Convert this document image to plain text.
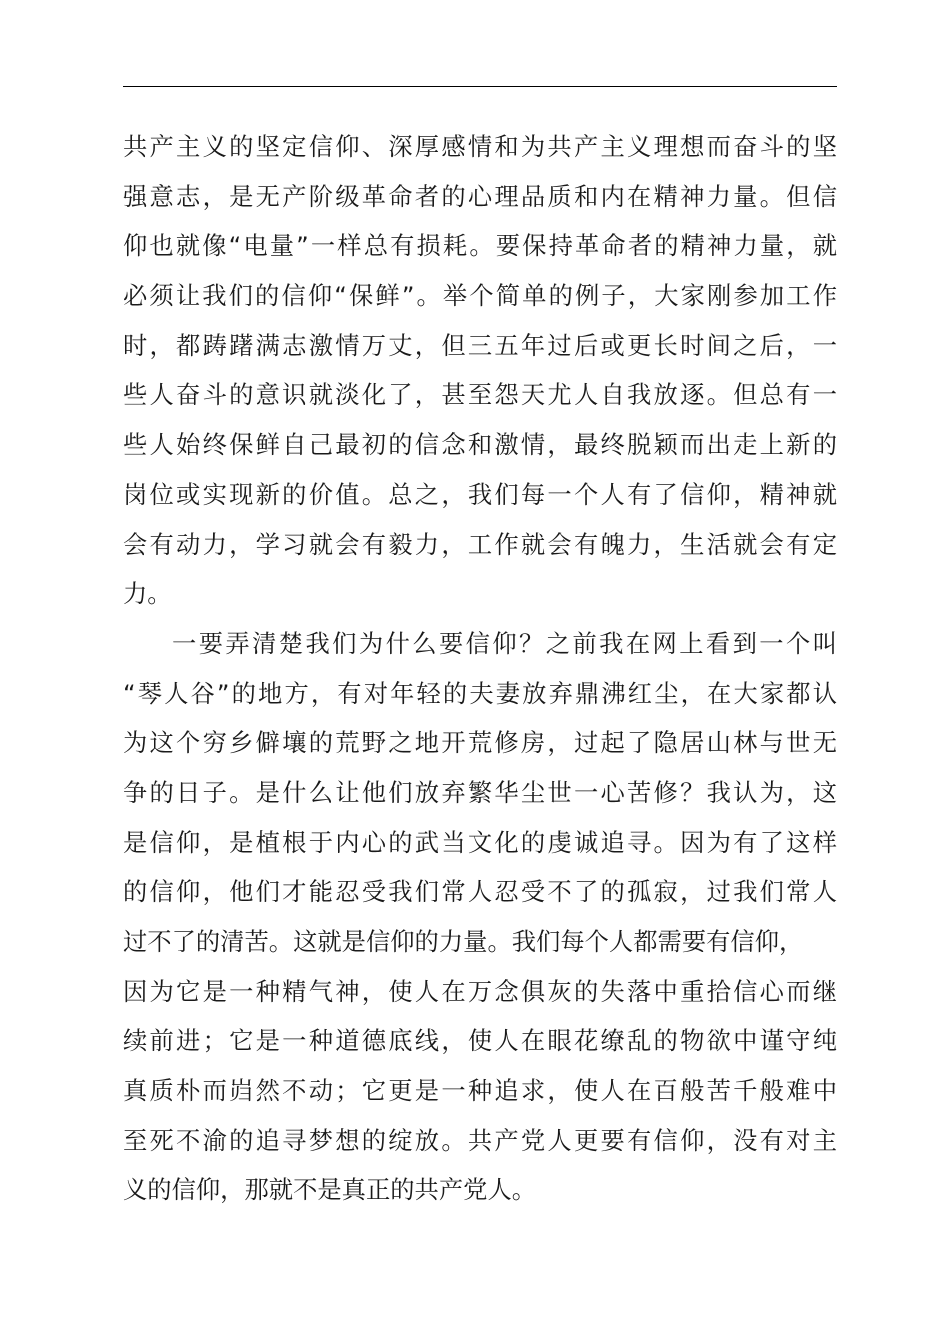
共产主义的坚定信仰、深厚感情和为共产主义理想而奋斗的坚
强意志，是无产阶级革命者的心理品质和内在精神力量。但信
仰也就像“电量”一样总有损耗。要保持革命者的精神力量，就
必须让我们的信仰“保鲜”。举个简单的例子，大家刚参加工作
时，都踌躇满志激情万丈，但三五年过后或更长时间之后，一
些人奋斗的意识就淡化了，甚至怨天尤人自我放逐。但总有一
些人始终保鲜自己最初的信念和激情，最终脱颖而出走上新的
岗位或实现新的价值。总之，我们每一个人有了信仰，精神就
会有动力，学习就会有毅力，工作就会有魄力，生活就会有定
力。
一要弄清楚我们为什么要信仰？之前我在网上看到一个叫
“琴人谷”的地方，有对年轻的夫妻放弃鼎沸红尘，在大家都认
为这个穷乡僻壤的荒野之地开荒修房，过起了隐居山林与世无
争的日子。是什么让他们放弃繁华尘世一心苦修？我认为，这
是信仰，是植根于内心的武当文化的虔诚追寻。因为有了这样
的信仰，他们才能忍受我们常人忍受不了的孤寂，过我们常人
过不了的清苦。这就是信仰的力量。我们每个人都需要有信仰，
因为它是一种精气神，使人在万念俱灰的失落中重拾信心而继
续前进；它是一种道德底线，使人在眼花缭乱的物欲中谨守纯
真质朴而岿然不动；它更是一种追求，使人在百般苦千般难中
至死不渝的追寻梦想的绽放。共产党人更要有信仰，没有对主
义的信仰，那就不是真正的共产党人。
